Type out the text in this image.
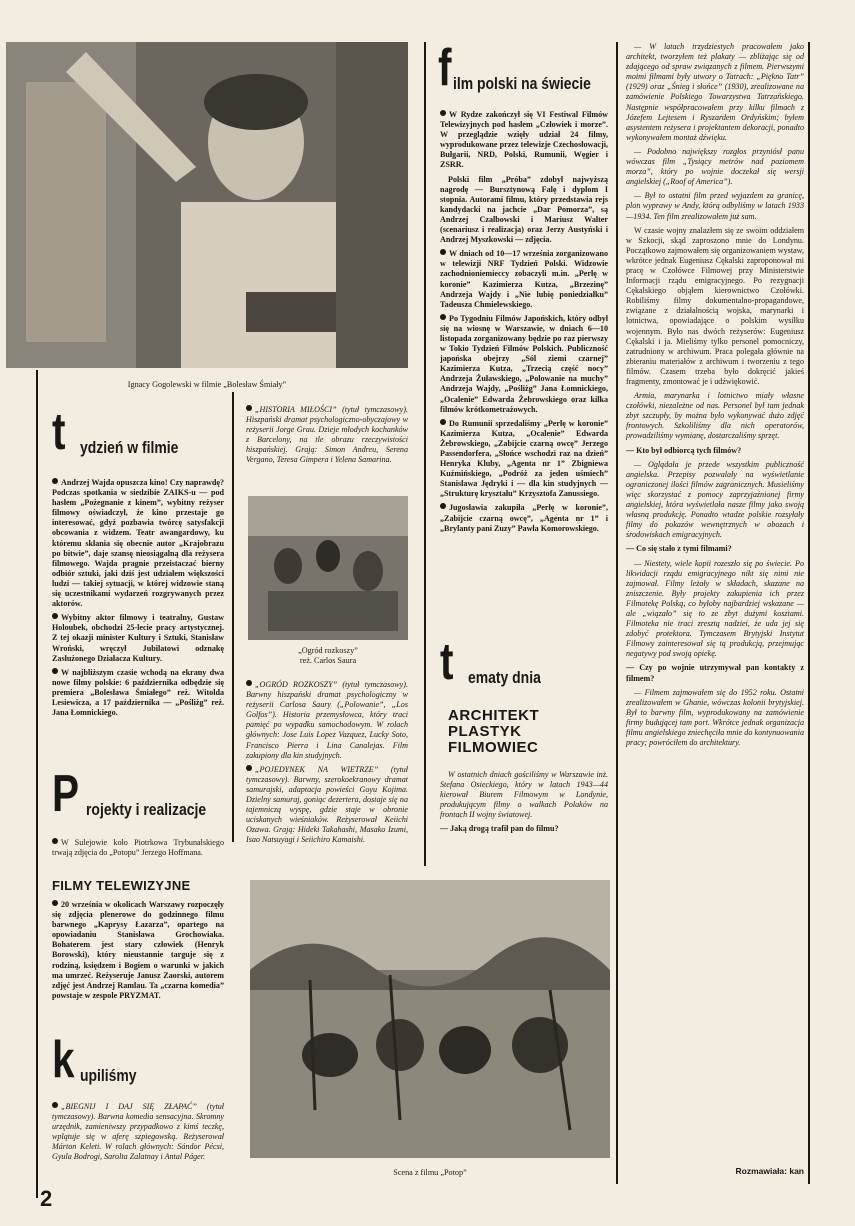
Ignacy Gogolewski w filmie „Bolesław Śmiały”
t ydzień w filmie

Andrzej Wajda opuszcza kino! Czy naprawdę? Podczas spotkania w siedzibie ZAIKS-u — pod hasłem „Pożegnanie z kinem”, wybitny reżyser filmowy oświadczył, że kino przestaje go interesować, gdyż pozbawia twórcę satysfakcji obcowania z widzem. Teatr awangardowy, ku któremu skłania się obecnie autor „Krajobrazu po bitwie”, daje szansę nieosiągalną dla reżysera filmowego. Wajda pragnie przeistaczać bierny odbiór sztuki, jaki dziś jest udziałem większości ludzi — takiej sytuacji, w której widzowie staną się uczestnikami wydarzeń rozgrywanych przez aktorów.

Wybitny aktor filmowy i teatralny, Gustaw Holoubek, obchodzi 25-lecie pracy artystycznej. Z tej okazji minister Kultury i Sztuki, Stanisław Wroński, wręczył Jubilatowi odznakę Zasłużonego Działacza Kultury.

W najbliższym czasie wchodą na ekrany dwa nowe filmy polskie: 6 października odbędzie się premiera „Bolesława Śmiałego” reż. Witolda Lesiewicza, a 17 października — „Pośliżg” reż. Jana Łomnickiego.

P rojekty i realizacje

W Sulejowie koło Piotrkowa Trybunalskiego trwają zdjęcia do „Potopu” Jerzego Hoffmana.

FILMY TELEWIZYJNE

20 września w okolicach Warszawy rozpoczęły się zdjęcia plenerowe do godzinnego filmu barwnego „Kaprysy Łazarza”, opartego na opowiadaniu Stanisława Grochowiaka. Bohaterem jest stary człowiek (Henryk Borowski), który nieustannie targuje się z rodziną, księdzem i Bogiem o warunki w jakich ma umrzeć. Reżyseruje Janusz Zaorski, autorem zdjęć jest Andrzej Ramlau. Ta „czarna komedia” powstaje w zespole PRYZMAT.

k upiliśmy

„BIEGNIJ I DAJ SIĘ ZŁAPAĆ” (tytuł tymczasowy). Barwna komedia sensacyjna. Skromny urzędnik, zamieniwszy przypadkowo z kimś teczkę, wplątuje się w aferę szpiegowską. Reżyserował Márton Keleti. W rolach głównych: Sándor Pécsi, Gyula Bodrogi, Sarolta Zalatnay i Antal Páger.

„HISTORIA MIŁOŚCI” (tytuł tymczasowy). Hiszpański dramat psychologiczno-obyczajowy w reżyserii Jorge Grau. Dzieje młodych kochanków z Barcelony, na tle obrazu rzeczywistości hiszpańskiej. Grają: Simon Andreu, Serena Vergano, Teresa Gimpera i Yelena Samarina.

„Ogród rozkoszy”
reż. Carlos Saura

„OGRÓD ROZKOSZY” (tytuł tymczasowy). Barwny hiszpański dramat psychologiczny w reżyserii Carlosa Saury („Polowanie”, „Los Golfos”). Historia przemysłowca, który traci pamięć po wypadku samochodowym. W rolach głównych: Jose Luis Lopez Vazquez, Lucky Soto, Francisco Pierra i Lina Canalejas. Film zakupiony dla kin studyjnych.

„POJEDYNEK NA WIETRZE” (tytuł tymczasowy). Barwny, szerokoekranowy dramat samurajski, adaptacja powieści Goyu Kojima. Dzielny samuraj, goniąc dezertera, dostaje się na tajemniczą wyspę, gdzie staje w obronie uciskanych wieśniaków. Reżyserował Keiichi Ozawa. Grają: Hideki Takahashi, Masako Izumi, Isao Natsuyagi i Seiichiro Kamaishi.

f ilm polski na świecie

W Rydze zakończył się VI Festiwal Filmów Telewizyjnych pod hasłem „Człowiek i morze”. W przeglądzie wzięły udział 24 filmy, wyprodukowane przez telewizje Czechosłowacji, Bułgarii, NRD, Polski, Rumunii, Węgier i ZSRR.

Polski film „Próba” zdobył najwyższą nagrodę — Bursztynową Falę i dyplom I stopnia. Autorami filmu, który przedstawia rejs kandydacki na jachcie „Dar Pomorza”, są Andrzej Czalbowski i Mariusz Walter (scenariusz i realizacja) oraz Jerzy Austyński i Andrzej Myszkowski — zdjęcia.

W dniach od 10—17 września zorganizowano w telewizji NRF Tydzień Polski. Widzowie zachodnioniemieccy zobaczyli m.in. „Perłę w koronie” Kazimierza Kutza, „Brzezinę” Andrzeja Wajdy i „Nie lubię poniedziałku” Tadeusza Chmielewskiego.

Po Tygodniu Filmów Japońskich, który odbył się na wiosnę w Warszawie, w dniach 6—10 listopada zorganizowany będzie po raz pierwszy w Tokio Tydzień Filmów Polskich. Publiczność japońska obejrzy „Sól ziemi czarnej” Kazimierza Kutza, „Trzecią część nocy” Andrzeja Żuławskiego, „Polowanie na muchy” Andrzeja Wajdy, „Pośliżg” Jana Łomnickiego, „Ocalenie” Edwarda Żebrowskiego oraz kilka filmów krótkometrażowych.

Do Rumunii sprzedaliśmy „Perłę w koronie” Kazimierza Kutza, „Ocalenie” Edwarda Żebrowskiego, „Zabijcie czarną owcę” Jerzego Passendorfera, „Słońce wschodzi raz na dzień” Henryka Kluby, „Agenta nr 1” Zbigniewa Kuźmińskiego, „Podróż za jeden uśmiech” Stanisława Jędryki i — dla kin studyjnych — „Strukturę kryształu” Krzysztofa Zanussiego.

Jugosławia zakupiła „Perłę w koronie”, „Zabijcie czarną owcę”, „Agenta nr 1” i „Brylanty pani Zuzy” Pawła Komorowskiego.

t ematy dnia
ARCHITEKT
PLASTYK
FILMOWIEC

W ostatnich dniach gościliśmy w Warszawie inż. Stefana Osieckiego, który w latach 1943—44 kierował Biurem Filmowym w Londynie, produkującym filmy o walkach Polaków na frontach II wojny światowej.

— Jaką drogą trafił pan do filmu?

Scena z filmu „Potop”

— W latach trzydziestych pracowałem jako architekt, tworzyłem też plakaty — zbliżając się od zdającego od spraw związanych z filmem. Pierwszymi moimi filmami były utwory o Tatrach: „Piękno Tatr” (1929) oraz „Śnieg i słońce” (1930), zrealizowane na zamówienie Polskiego Towarzystwa Tatrzańskiego. Następnie współpracowałem przy kilku filmach z Józefem Lejtesem i Ryszardem Ordyńskim; byłem asystentem reżysera i projektantem dekoracji, ponadto wykonywałem montaż dźwięku.

— Podobno największy rozgłos przyniósł panu wówczas film „Tysiący metrów nad poziomem morza”, który po wojnie doczekał się wersji angielskiej („Roof of America”).

— Był to ostatni film przed wyjazdem za granicę, plon wyprawy w Andy, którą odbyliśmy w latach 1933—1934. Ten film zrealizowałem już sam.

W czasie wojny znalazłem się ze swoim oddziałem w Szkocji, skąd zaproszono mnie do Londynu. Początkowo zajmowałem się organizowaniem wystaw, wkrótce jednak Eugeniusz Cękalski zaproponował mi pracę w Czołówce Filmowej przy Ministerstwie Informacji rządu emigracyjnego. Po rezygnacji Cękalskiego objąłem kierownictwo Czołówki. Robiliśmy filmy dokumentalno-propagandowe, związane z działalnością wojska, marynarki i lotnictwa, opowiadające o polskim wysiłku wojennym. Było nas dwóch reżyserów: Eugeniusz Cękalski i ja. Mieliśmy tylko personel pomocniczy, zatrudniony w archiwum. Praca polegała głównie na zbieraniu materiałów z archiwum i tworzeniu z tego filmów. Czasem trzeba było dokręcić jakieś fragmenty, zmontować je i udźwiękowić.

Armia, marynarka i lotnictwo miały własne czołówki, niezależne od nas. Personel był tam jednak zbyt szczupły, by można było wykonywać dużo zdjęć frontowych. Szkoliliśmy dla nich operatorów, prowadziliśmy wymianę, dostarczaliśmy sprzęt.

— Kto był odbiorcą tych filmów?

— Oglądała je przede wszystkim publiczność angielska. Przepisy pozwalały na wyświetlanie ograniczonej ilości filmów zagranicznych. Musieliśmy więc skorzystać z pomocy zaprzyjaźnionej firmy angielskiej, która wyświetlała nasze filmy jako swoją własną produkcję. Ponadto wtadze polskie rozsyłały filmy do pokazów wewnętrznych w obozach i środowiskach emigracyjnych.

— Co się stało z tymi filmami?

— Niestety, wiele kopii rozeszło się po świecie. Po likwidacji rządu emigracyjnego nikt się nimi nie zajmował. Filmy leżały w składach, skazane na zniszczenie. Były projekty zakupienia ich przez Filmotekę Polską, co byłoby najbardziej wskazane — ale „wiązało” się to ze zbyt dużymi kosztami. Filmoteka nie traci zresztą nadziei, że uda jej się zdobyć protektora. Tymczasem Brytyjski Instytut Filmowy zainteresował się tą produkcją, przejmując negatywy pod swoją opiekę.

— Czy po wojnie utrzymywał pan kontakty z filmem?

— Filmem zajmowałem się do 1952 roku. Ostatni zrealizowałem w Ghanie, wówczas kolonii brytyjskiej. Był to barwny film, wyprodukowany na zamówienie firmy budującej tam port. Wkrótce jednak organizacja filmu angielskiego zniechęciła mnie do kontynuowania pracy; powróciłem do architektury.

Rozmawiała: kan
2
